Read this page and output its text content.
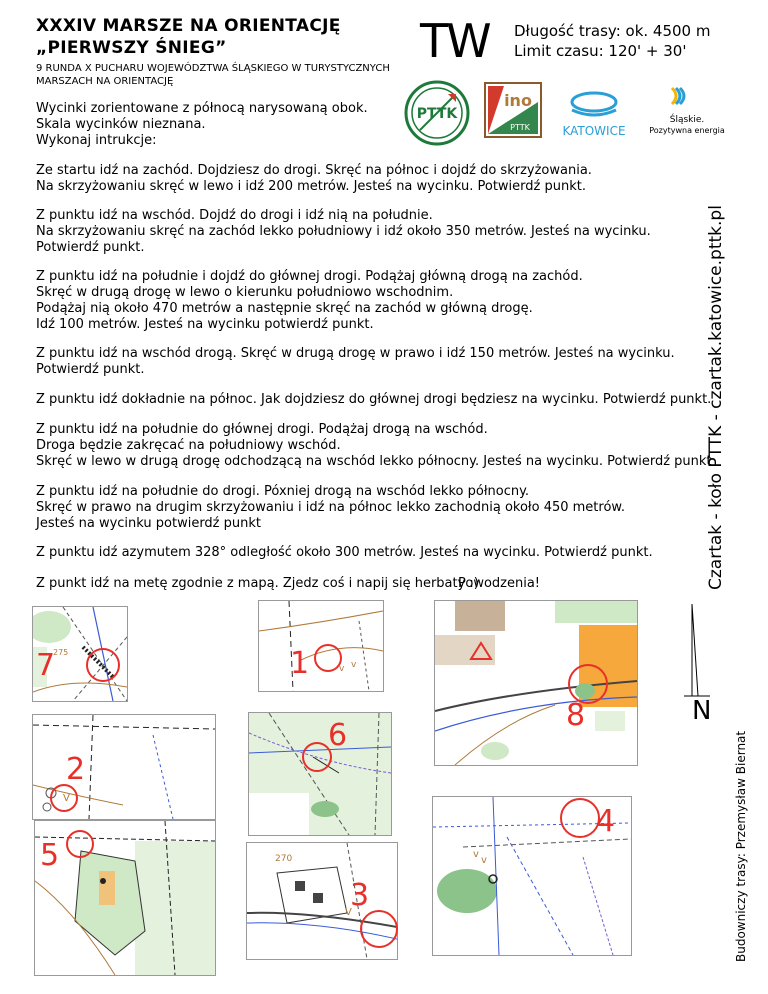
XXXIV MARSZE NA ORIENTACJĘ
„PIERWSZY ŚNIEG”
9 RUNDA X PUCHARU WOJEWÓDZTWA ŚLĄSKIEGO W TURYSTYCZNYCH MARSZACH NA ORIENTACJĘ
TW Długość trasy: ok. 4500 m
Limit czasu: 120' + 30'
PTTK
ino
PTTK	KATOWICE
Śląskie.
Pozytywna energia
Wycinki zorientowane z północą narysowaną obok.
Skala wycinków nieznana.
Wykonaj intrukcje:
Ze startu idź na zachód. Dojdziesz do drogi. Skręć na północ i dojdź do skrzyżowania.
Na skrzyżowaniu skręć w lewo i idź 200 metrów. Jesteś na wycinku. Potwierdź punkt.
Z punktu idź na wschód. Dojdź do drogi i idź nią na południe.
Na skrzyżowaniu skręć na zachód lekko południowy i idź około 350 metrów. Jesteś na wycinku.
Potwierdź punkt.
Z punktu idź na południe i dojdź do głównej drogi. Podążaj główną drogą na zachód.
Skręć w drugą drogę w lewo o kierunku południowo wschodnim.
Podążaj nią około 470 metrów a następnie skręć na zachód w główną drogę.
Idź 100 metrów. Jesteś na wycinku potwierdź punkt.
Z punktu idź na wschód drogą. Skręć w drugą drogę w prawo i idź 150 metrów. Jesteś na wycinku.
Potwierdź punkt.
Z punktu idź dokładnie na północ. Jak dojdziesz do głównej drogi będziesz na wycinku. Potwierdź punkt.
Z punktu idź na południe do głównej drogi. Podążaj drogą na wschód.
Droga będzie zakręcać na południowy wschód.
Skręć w lewo w drugą drogę odchodzącą na wschód lekko północny. Jesteś na wycinku. Potwierdź punkt
Z punktu idź na południe do drogi. Póxniej drogą na wschód lekko północny.
Skręć w prawo na drugim skrzyżowaniu i idź na północ lekko zachodnią około 450 metrów.
Jesteś na wycinku potwierdź punkt
Z punktu idź azymutem 328° odległość około 300 metrów. Jesteś na wycinku. Potwierdź punkt.
Z punkt idź na metę zgodnie z mapą. Zjedz coś i napij się herbaty :)
Powodzenia!	Czartak - koło PTTK - czartak.katowice.pttk.pl
Budowniczy trasy: Przemysław Biernat
N
275
7	v v
1
8
V
2
6
5	270
V
3
v
v
4
